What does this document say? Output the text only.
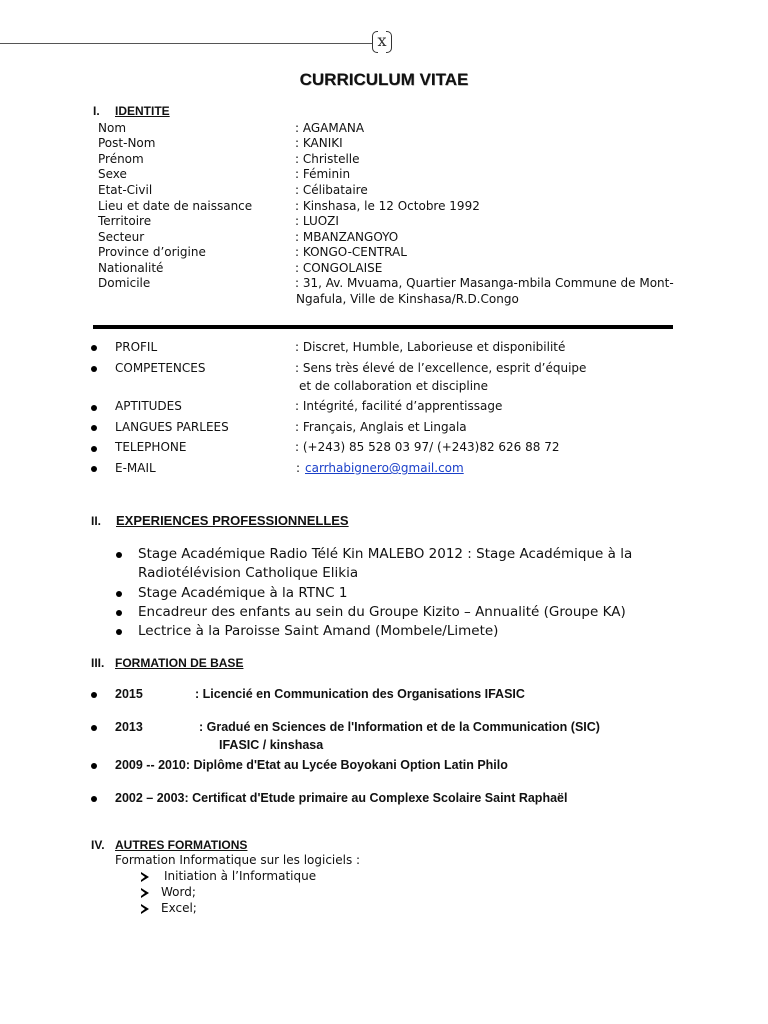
x
CURRICULUM VITAE
I. IDENTITE
Nom	: AGAMANA
Post-Nom	: KANIKI
Prénom	: Christelle
Sexe	: Féminin
Etat-Civil	: Célibataire
Lieu et date de naissance	: Kinshasa, le 12 Octobre 1992
Territoire	: LUOZI
Secteur	: MBANZANGOYO
Province d’origine	: KONGO-CENTRAL
Nationalité	: CONGOLAISE
Domicile	: 31, Av. Mvuama, Quartier Masanga-mbila Commune de Mont-
Ngafula, Ville de Kinshasa/R.D.Congo
PROFIL	: Discret, Humble, Laborieuse et disponibilité
COMPETENCES	: Sens très élevé de l’excellence, esprit d’équipe
et de collaboration et discipline
APTITUDES	: Intégrité, facilité d’apprentissage
LANGUES PARLEES	: Français, Anglais et Lingala
TELEPHONE	: (+243) 85 528 03 97/ (+243)82 626 88 72
E-MAIL	: carrhabignero@gmail.com
II. EXPERIENCES PROFESSIONNELLES
Stage Académique Radio Télé Kin MALEBO 2012 : Stage Académique à la
Radiotélévision Catholique Elikia
Stage Académique à la RTNC 1
Encadreur des enfants au sein du Groupe Kizito – Annualité (Groupe KA)
Lectrice à la Paroisse Saint Amand (Mombele/Limete)
III. FORMATION DE BASE
2015	: Licencié en Communication des Organisations IFASIC
2013	: Gradué en Sciences de l'Information et de la Communication (SIC)
IFASIC / kinshasa
2009 -- 2010: Diplôme d'Etat au Lycée Boyokani Option Latin Philo
2002 – 2003: Certificat d'Etude primaire au Complexe Scolaire Saint Raphaël
IV. AUTRES FORMATIONS
Formation Informatique sur les logiciels :
Initiation à l’Informatique
Word;
Excel;
